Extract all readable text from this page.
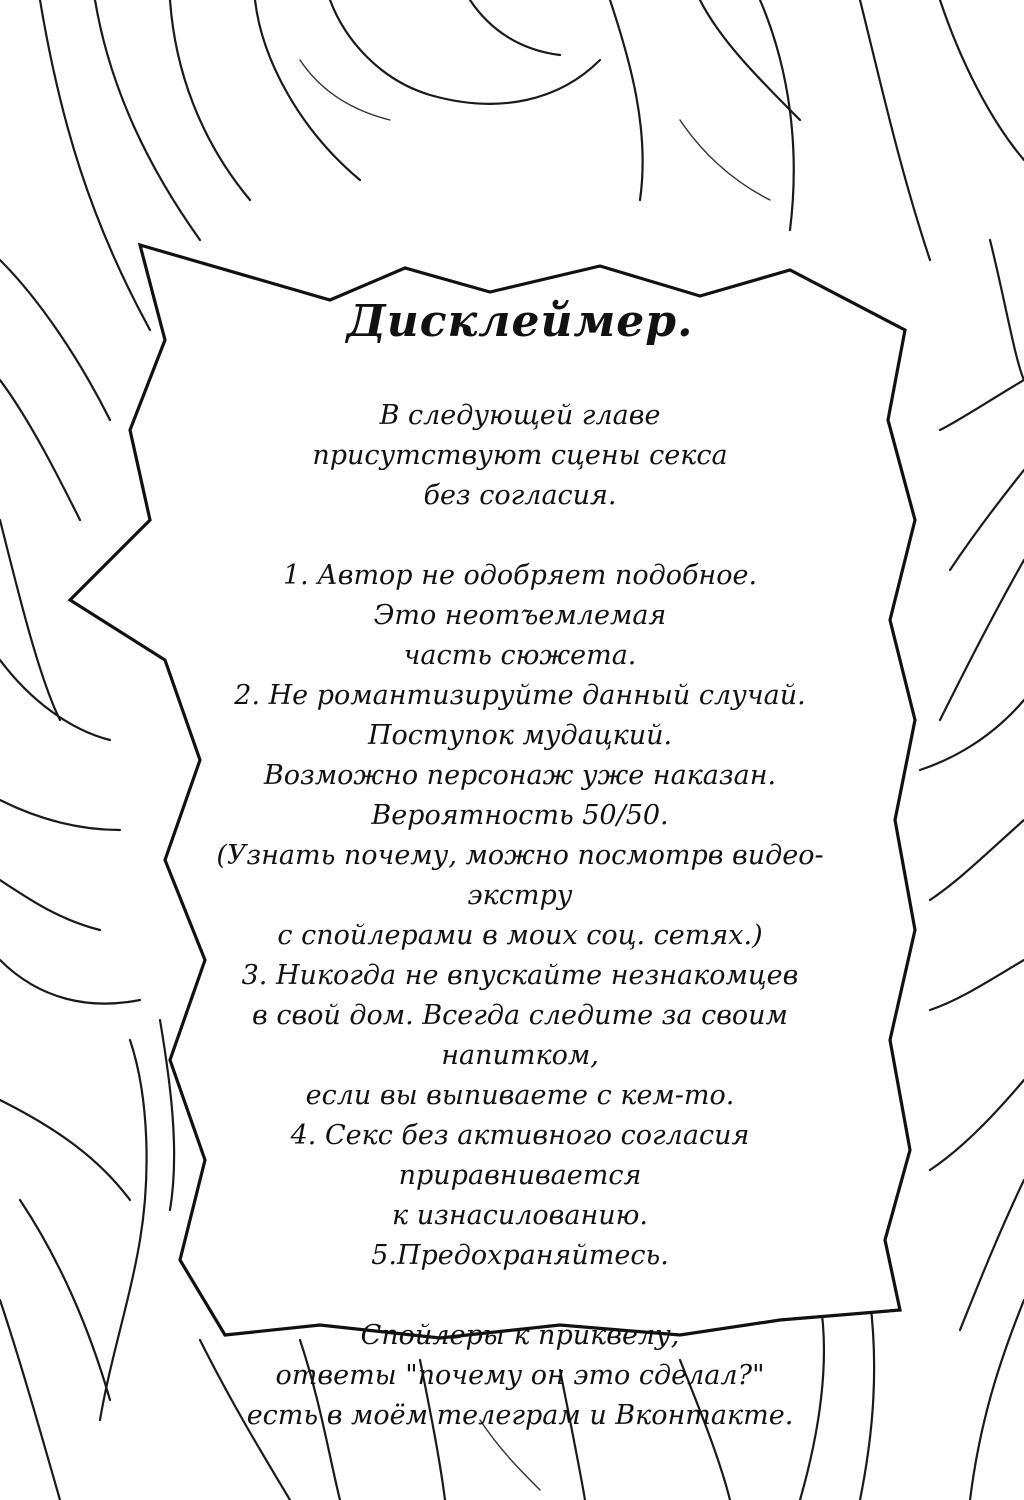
Дисклеймер.

В следующей главе

присутствуют сцены секса

без согласия.

1. Автор не одобряет подобное.

Это неотъемлемая

часть сюжета.

2. Не романтизируйте данный случай.

Поступок мудацкий.

Возможно персонаж уже наказан.

Вероятность 50/50.

(Узнать почему, можно посмотрв видео-экстру

с спойлерами в моих соц. сетях.)

3. Никогда не впускайте незнакомцев

в свой дом. Всегда следите за своим напитком,

если вы выпиваете с кем-то.

4. Секс без активного согласия приравнивается

к изнасилованию.

5.Предохраняйтесь.

Спойлеры к приквелу,

ответы "почему он это сделал?"

есть в моём телеграм и Вконтакте.
